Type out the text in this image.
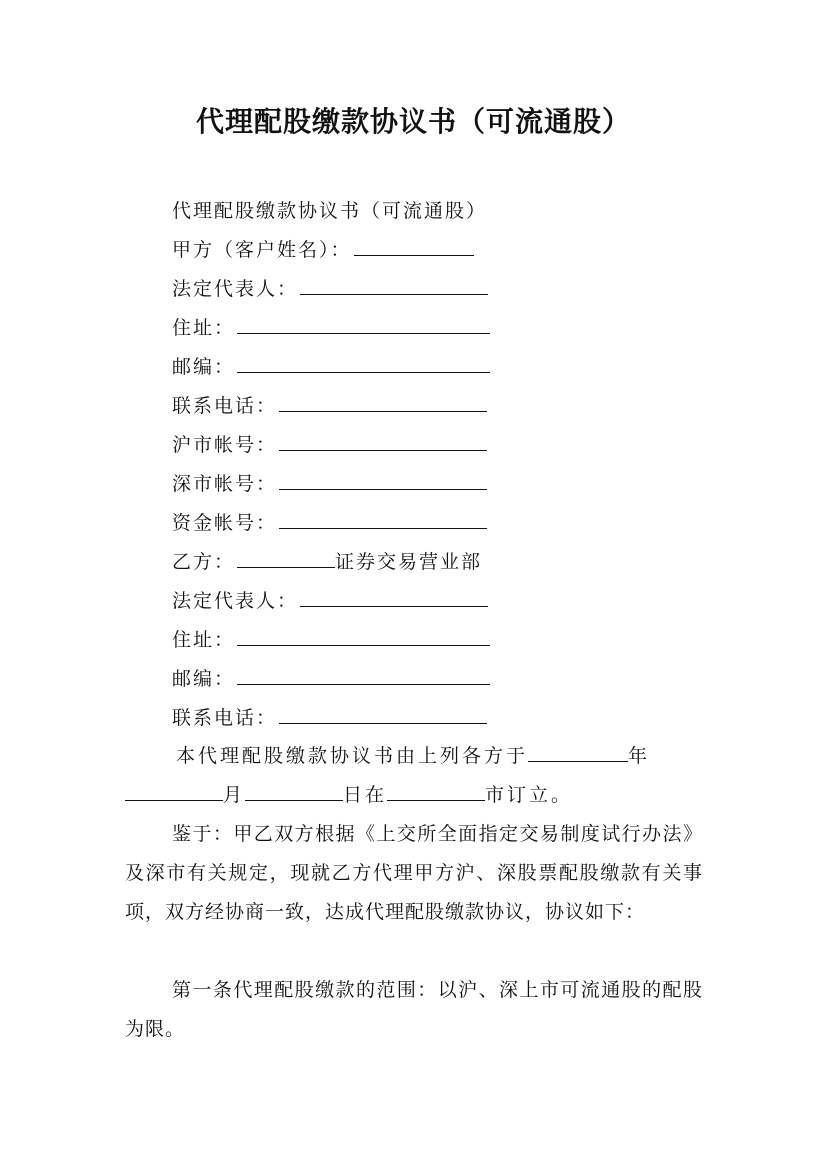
代理配股缴款协议书（可流通股）
代理配股缴款协议书（可流通股）
甲方（客户姓名）：
法定代表人：
住址：
邮编：
联系电话：
沪市帐号：
深市帐号：
资金帐号：
乙方：	证券交易营业部
法定代表人：
住址：
邮编：
联系电话：
本代理配股缴款协议书由上列各方于	年
月	日在	市订立。
鉴于：甲乙双方根据《上交所全面指定交易制度试行办法》及深市有关规定，现就乙方代理甲方沪、深股票配股缴款有关事项，双方经协商一致，达成代理配股缴款协议，协议如下：
第一条代理配股缴款的范围：以沪、深上市可流通股的配股为限。
